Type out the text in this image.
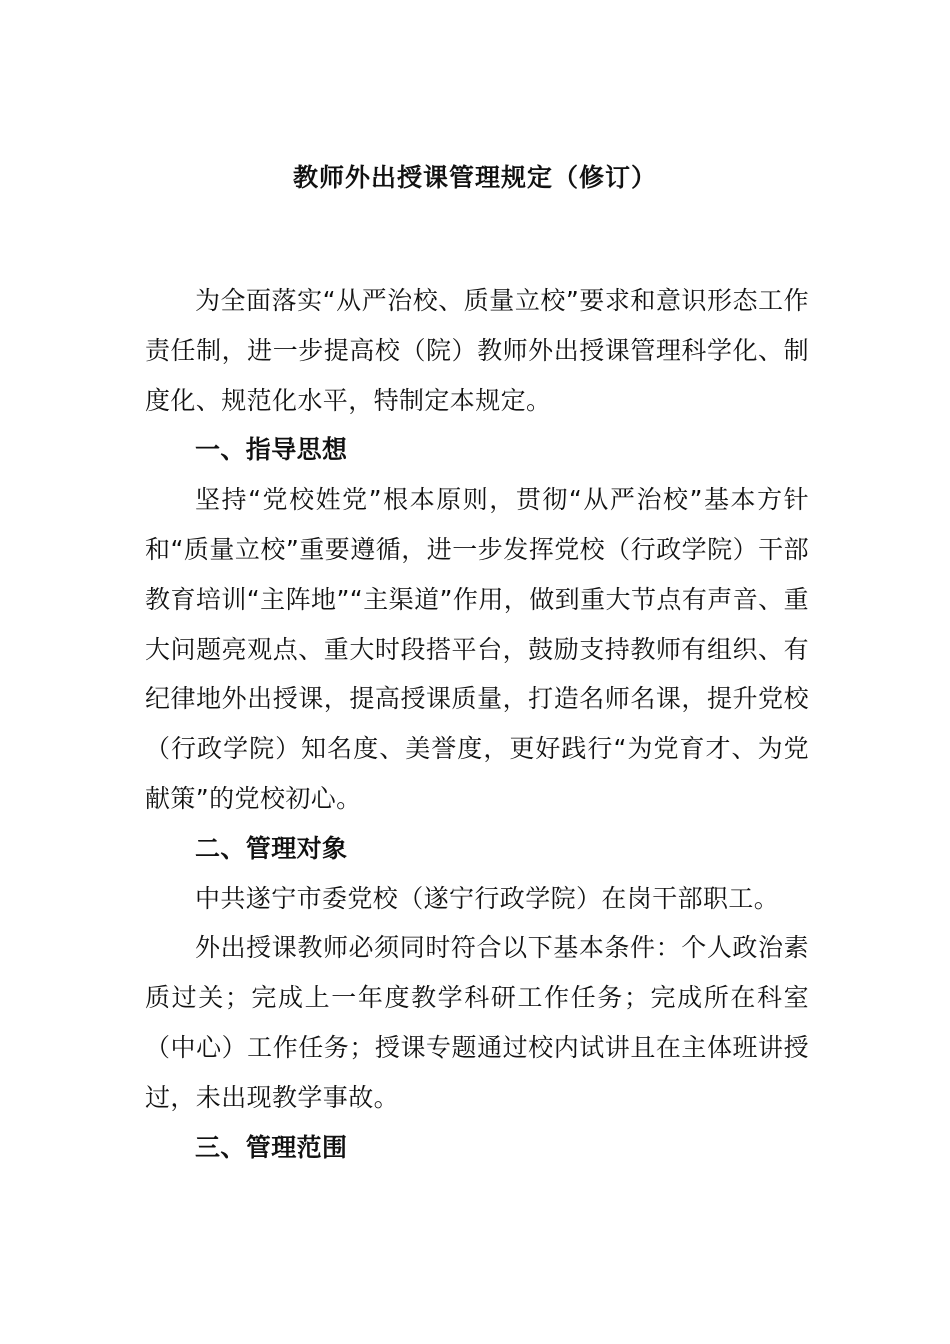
教师外出授课管理规定（修订）

为全面落实“从严治校、质量立校”要求和意识形态工作责任制，进一步提高校（院）教师外出授课管理科学化、制度化、规范化水平，特制定本规定。

一、指导思想

坚持“党校姓党”根本原则，贯彻“从严治校”基本方针和“质量立校”重要遵循，进一步发挥党校（行政学院）干部教育培训“主阵地”“主渠道”作用，做到重大节点有声音、重大问题亮观点、重大时段搭平台，鼓励支持教师有组织、有纪律地外出授课，提高授课质量，打造名师名课，提升党校（行政学院）知名度、美誉度，更好践行“为党育才、为党献策”的党校初心。

二、管理对象

中共遂宁市委党校（遂宁行政学院）在岗干部职工。

外出授课教师必须同时符合以下基本条件：个人政治素质过关；完成上一年度教学科研工作任务；完成所在科室（中心）工作任务；授课专题通过校内试讲且在主体班讲授过，未出现教学事故。

三、管理范围
